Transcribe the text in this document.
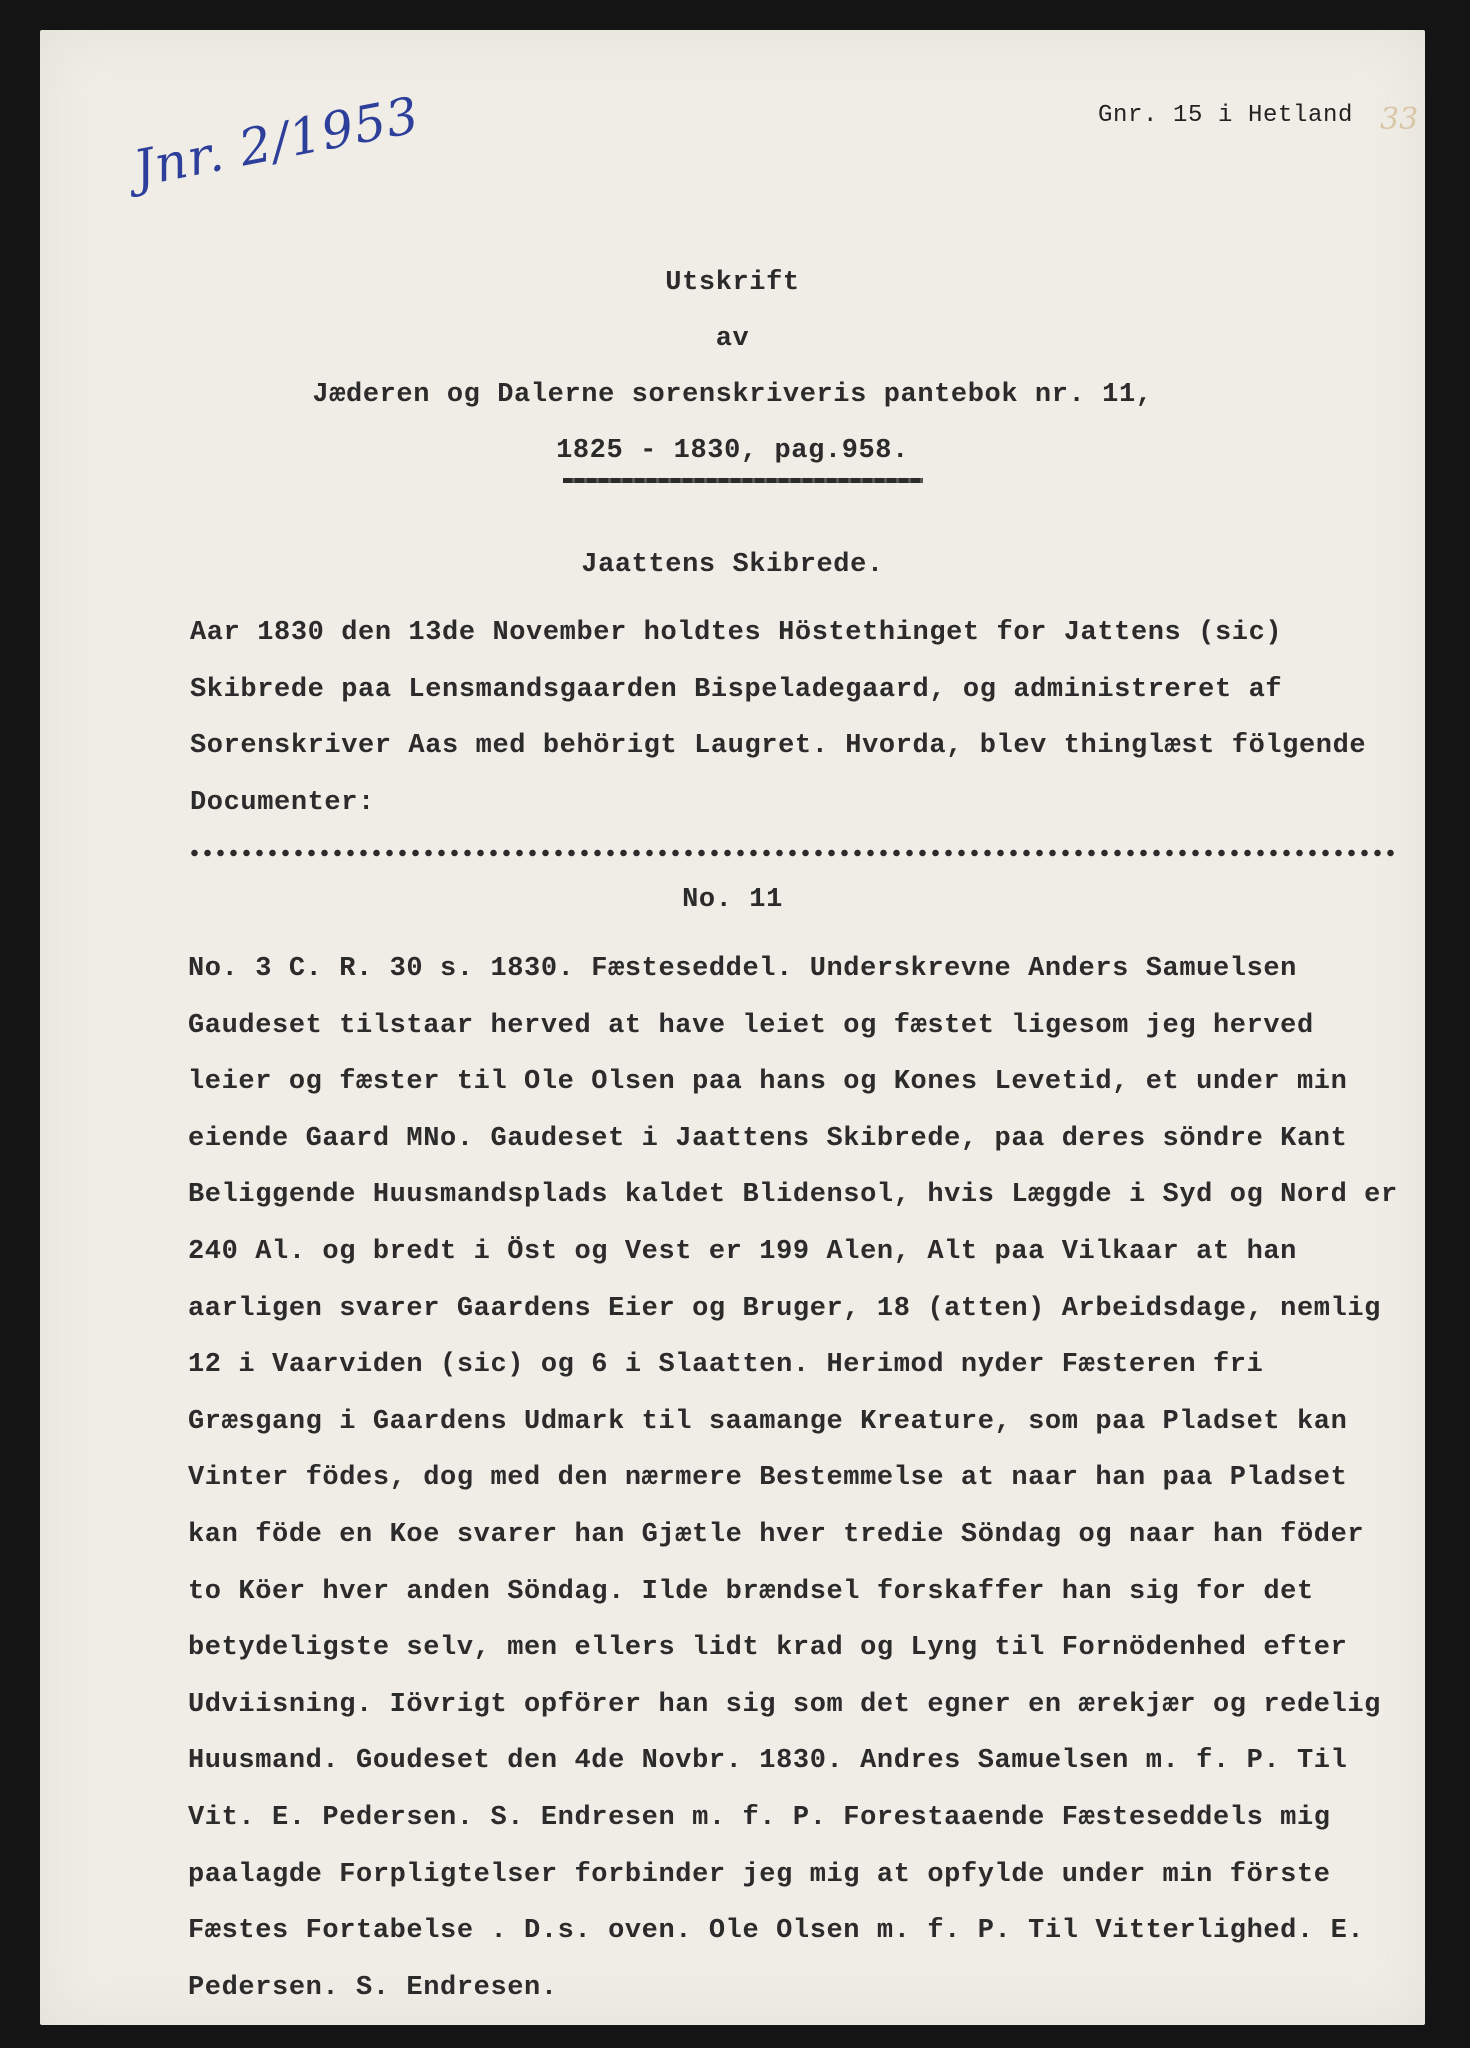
Gnr. 15 i Hetland 33
Jnr. 2/1953
Utskrift
av
Jæderen og Dalerne sorenskriveris pantebok nr. 11,
1825 - 1830, pag.958.
Jaattens Skibrede.

Aar 1830 den 13de November holdtes Höstethinget for Jattens (sic) Skibrede paa Lensmandsgaarden Bispeladegaard, og administreret af Sorenskriver Aas med behörigt Laugret. Hvorda, blev thinglæst fölgende Documenter:

No. 11

No. 3 C. R. 30 s. 1830. Fæsteseddel. Underskrevne Anders Samuelsen Gaudeset tilstaar herved at have leiet og fæstet ligesom jeg herved leier og fæster til Ole Olsen paa hans og Kones Levetid, et under min eiende Gaard MNo. Gaudeset i Jaattens Skibrede, paa deres söndre Kant Beliggende Huusmandsplads kaldet Blidensol, hvis Læggde i Syd og Nord er 240 Al. og bredt i Öst og Vest er 199 Alen, Alt paa Vilkaar at han aarligen svarer Gaardens Eier og Bruger, 18 (atten) Arbeidsdage, nemlig 12 i Vaarviden (sic) og 6 i Slaatten. Herimod nyder Fæsteren fri Græsgang i Gaardens Udmark til saamange Kreature, som paa Pladset kan Vinter födes, dog med den nærmere Bestemmelse at naar han paa Pladset kan föde en Koe svarer han Gjætle hver tredie Söndag og naar han föder to Köer hver anden Söndag. Ilde brændsel forskaffer han sig for det betydeligste selv, men ellers lidt krad og Lyng til Fornödenhed efter Udviisning. Iövrigt opförer han sig som det egner en ærekjær og redelig Huusmand. Goudeset den 4de Novbr. 1830. Andres Samuelsen m. f. P. Til Vit. E. Pedersen. S. Endresen m. f. P. Forestaaende Fæsteseddels mig paalagde Forpligtelser forbinder jeg mig at opfylde under min förste Fæstes Fortabelse . D.s. oven. Ole Olsen m. f. P. Til Vitterlighed. E. Pedersen. S. Endresen.
